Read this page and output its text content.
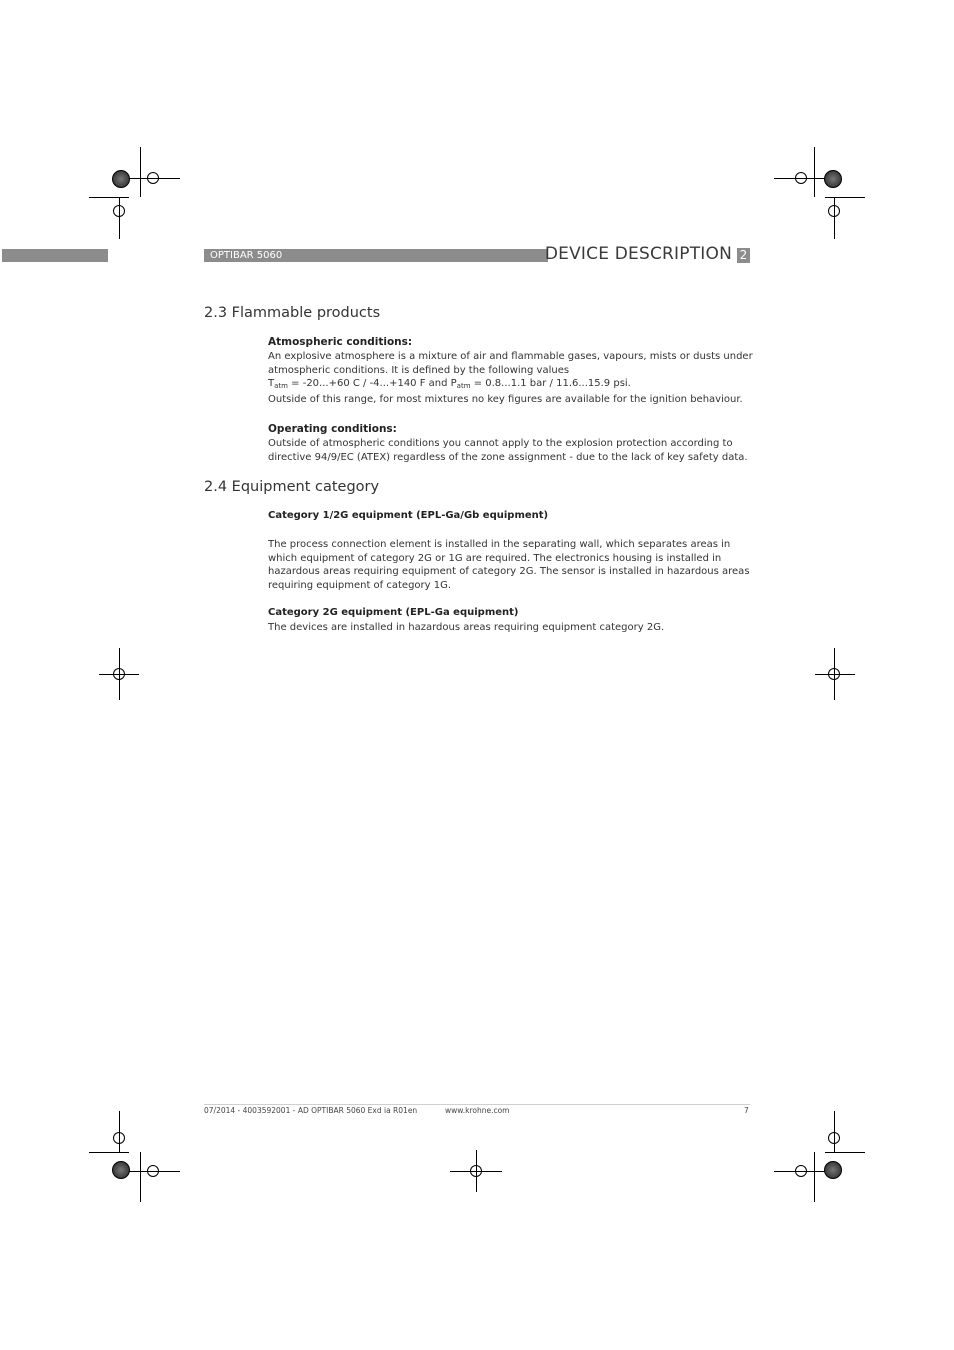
OPTIBAR 5060	DEVICE DESCRIPTION 2
2.3 Flammable products
Atmospheric conditions:
An explosive atmosphere is a mixture of air and flammable gases, vapours, mists or dusts under
atmospheric conditions. It is defined by the following values
$T_{atm} = -20...+60$ C / -4...+140 F and $P_{atm} = 0.8...1.1$ bar / 11.6...15.9 psi.
Outside of this range, for most mixtures no key figures are available for the ignition behaviour.
Operating conditions:
Outside of atmospheric conditions you cannot apply to the explosion protection according to
directive 94/9/EC (ATEX) regardless of the zone assignment - due to the lack of key safety data.
2.4 Equipment category
Category 1/2G equipment (EPL-Ga/Gb equipment)
The process connection element is installed in the separating wall, which separates areas in
which equipment of category 2G or 1G are required. The electronics housing is installed in
hazardous areas requiring equipment of category 2G. The sensor is installed in hazardous areas
requiring equipment of category 1G.
Category 2G equipment (EPL-Ga equipment)
The devices are installed in hazardous areas requiring equipment category 2G.
07/2014 - 4003592001 - AD OPTIBAR 5060 Exd ia R01en	www.krohne.com	7
